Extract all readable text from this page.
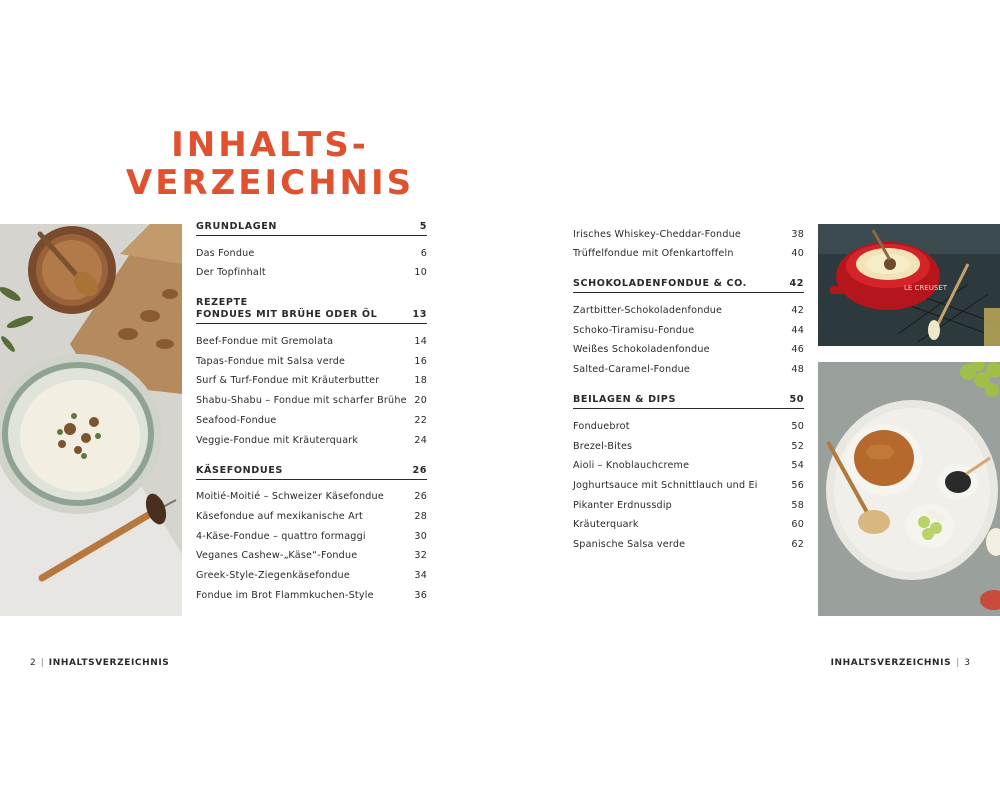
INHALTS-
VERZEICHNIS
GRUNDLAGEN	5
Das Fondue	6
Der Topfinhalt	10
REZEPTE
FONDUES MIT BRÜHE ODER ÖL	13
Beef-Fondue mit Gremolata	14
Tapas-Fondue mit Salsa verde	16
Surf & Turf-Fondue mit Kräuterbutter	18
Shabu-Shabu – Fondue mit scharfer Brühe 20
Seafood-Fondue	22
Veggie-Fondue mit Kräuterquark	24
KÄSEFONDUES	26
Moitié-Moitié – Schweizer Käsefondue	26
Käsefondue auf mexikanische Art	28
4-Käse-Fondue – quattro formaggi	30
Veganes Cashew-„Käse“-Fondue	32
Greek-Style-Ziegenkäsefondue	34
Fondue im Brot Flammkuchen-Style	36
Irisches Whiskey-Cheddar-Fondue	38
Trüffelfondue mit Ofenkartoffeln	40
SCHOKOLADENFONDUE & CO.	42
Zartbitter-Schokoladenfondue	42
Schoko-Tiramisu-Fondue	44
Weißes Schokoladenfondue	46
Salted-Caramel-Fondue	48
BEILAGEN & DIPS	50
Fonduebrot	50
Brezel-Bites	52
Aioli – Knoblauchcreme	54
Joghurtsauce mit Schnittlauch und Ei	56
Pikanter Erdnussdip	58
Kräuterquark	60
Spanische Salsa verde	62
LE CREUSET
2 | INHALTSVERZEICHNIS	INHALTSVERZEICHNIS | 3
